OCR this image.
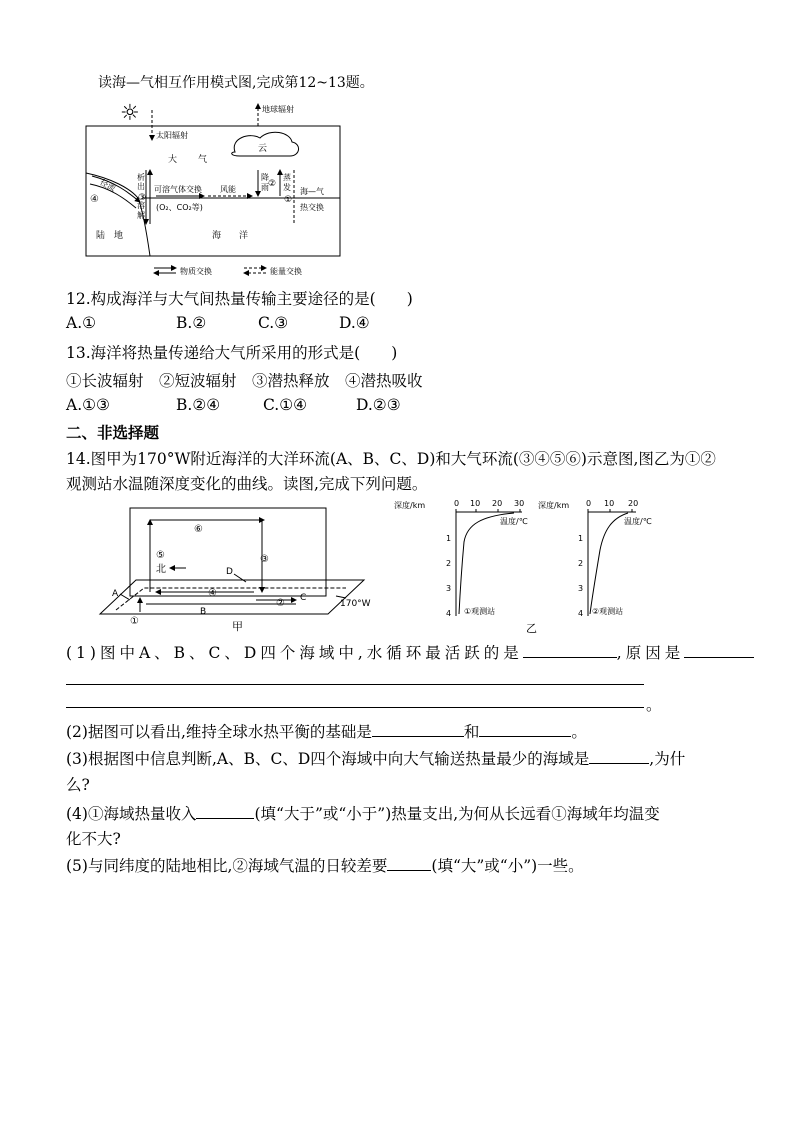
读海—气相互作用模式图,完成第12~13题。
☼
太阳辐射
地球辐射
云
大 气
径流
④
析
出
溶
解
③
可溶气体交换
(O₂、CO₂等)
风能
降
雨 ②
蒸
发
①
海—气
热交换
陆　地	海　　洋
物质交换	能量交换
12.构成海洋与大气间热量传输主要途径的是(　　)
A.①	B.②	C.③	D.④
13.海洋将热量传递给大气所采用的形式是(　　)
①长波辐射　②短波辐射　③潜热释放　④潜热吸收
A.①③	B.②④	C.①④	D.②③
二、非选择题
14.图甲为170°W附近海洋的大洋环流(A、B、C、D)和大气环流(③④⑤⑥)示意图,图乙为①②
观测站水温随深度变化的曲线。读图,完成下列问题。
⑥
③
⑤
北
④
D
B
② C
①
A
170°W
甲
深度/km	0 10 20 30
1
2
3
4
温度/℃
①观测站
深度/km 0 10 20
1
2
3
4
温度/℃
②观测站
乙
(1)图中A、B、C、D四个海域中,水循环最活跃的是	,原因是
。
(2)据图可以看出,维持全球水热平衡的基础是	和	。
(3)根据图中信息判断,A、B、C、D四个海域中向大气输送热量最少的海域是	,为什
么?
(4)①海域热量收入	(填“大于”或“小于”)热量支出,为何从长远看①海域年均温变
化不大?
(5)与同纬度的陆地相比,②海域气温的日较差要	(填“大”或“小”)一些。
